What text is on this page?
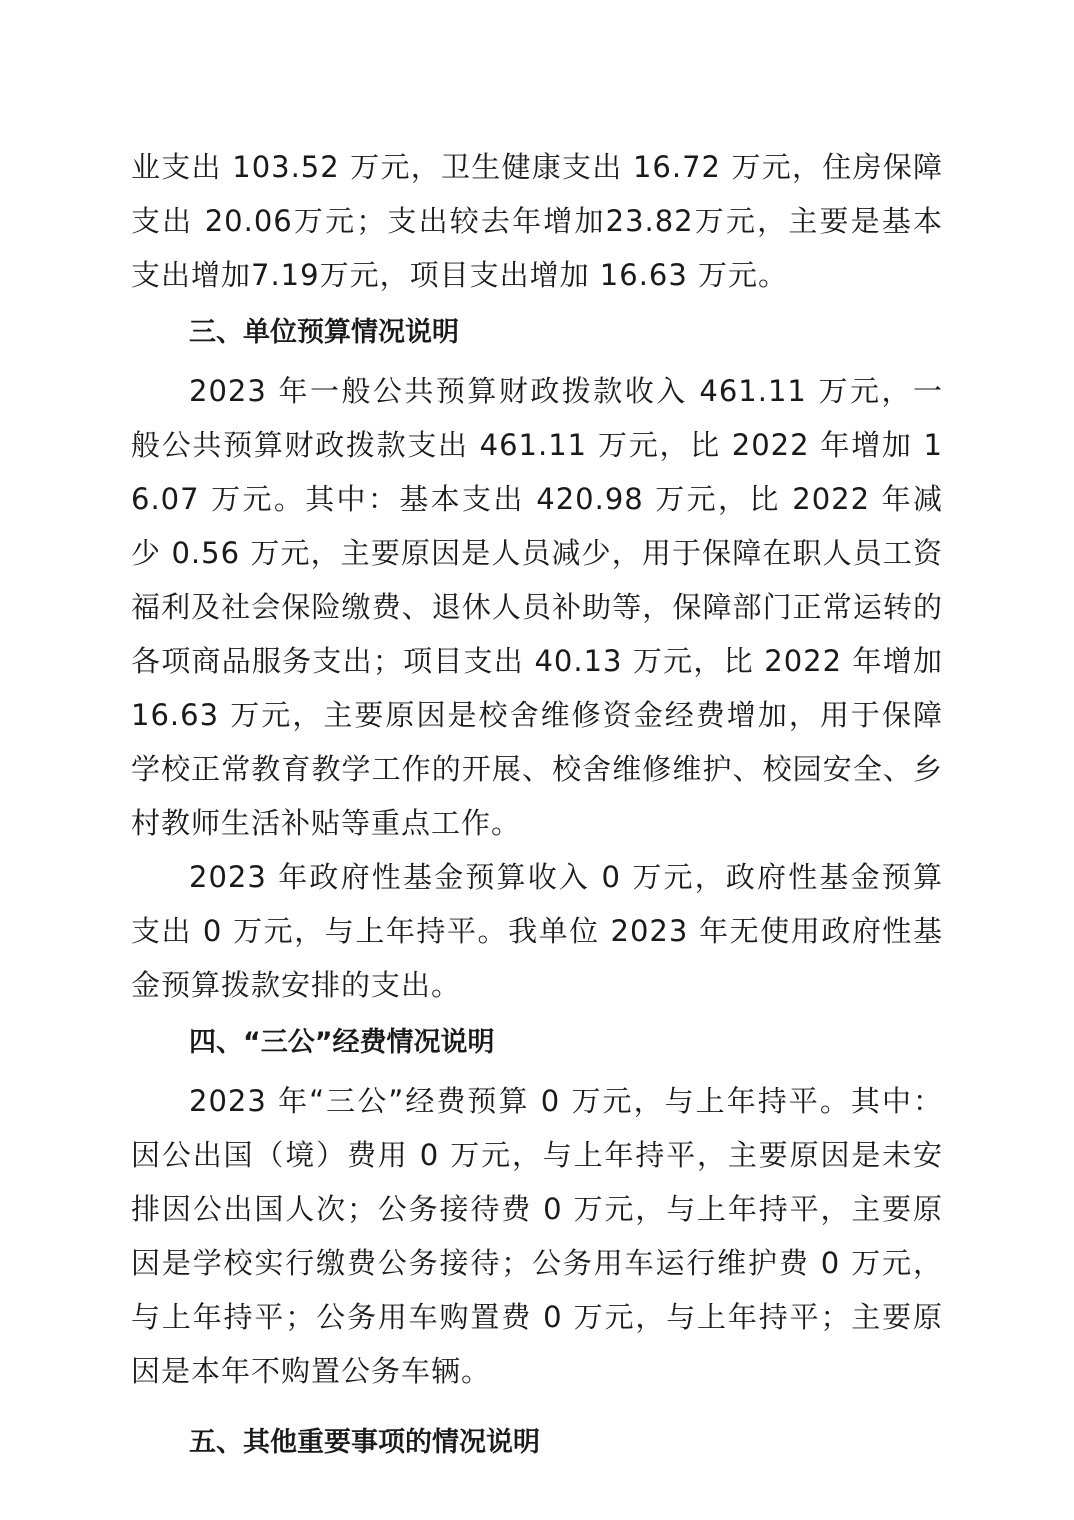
业支出 103.52 万元，卫生健康支出 16.72 万元，住房保障支出 20.06万元；支出较去年增加23.82万元，主要是基本支出增加7.19万元，项目支出增加 16.63 万元。

三、单位预算情况说明

2023 年一般公共预算财政拨款收入 461.11 万元，一般公共预算财政拨款支出 461.11 万元，比 2022 年增加 16.07 万元。其中：基本支出 420.98 万元，比 2022 年减少 0.56 万元，主要原因是人员减少，用于保障在职人员工资福利及社会保险缴费、退休人员补助等，保障部门正常运转的各项商品服务支出；项目支出 40.13 万元，比 2022 年增加 16.63 万元，主要原因是校舍维修资金经费增加，用于保障学校正常教育教学工作的开展、校舍维修维护、校园安全、乡村教师生活补贴等重点工作。

2023 年政府性基金预算收入 0 万元，政府性基金预算支出 0 万元，与上年持平。我单位 2023 年无使用政府性基金预算拨款安排的支出。

四、“三公”经费情况说明

2023 年“三公”经费预算 0 万元，与上年持平。其中：因公出国（境）费用 0 万元，与上年持平，主要原因是未安排因公出国人次；公务接待费 0 万元，与上年持平，主要原因是学校实行缴费公务接待；公务用车运行维护费 0 万元，与上年持平；公务用车购置费 0 万元，与上年持平；主要原因是本年不购置公务车辆。

五、其他重要事项的情况说明
